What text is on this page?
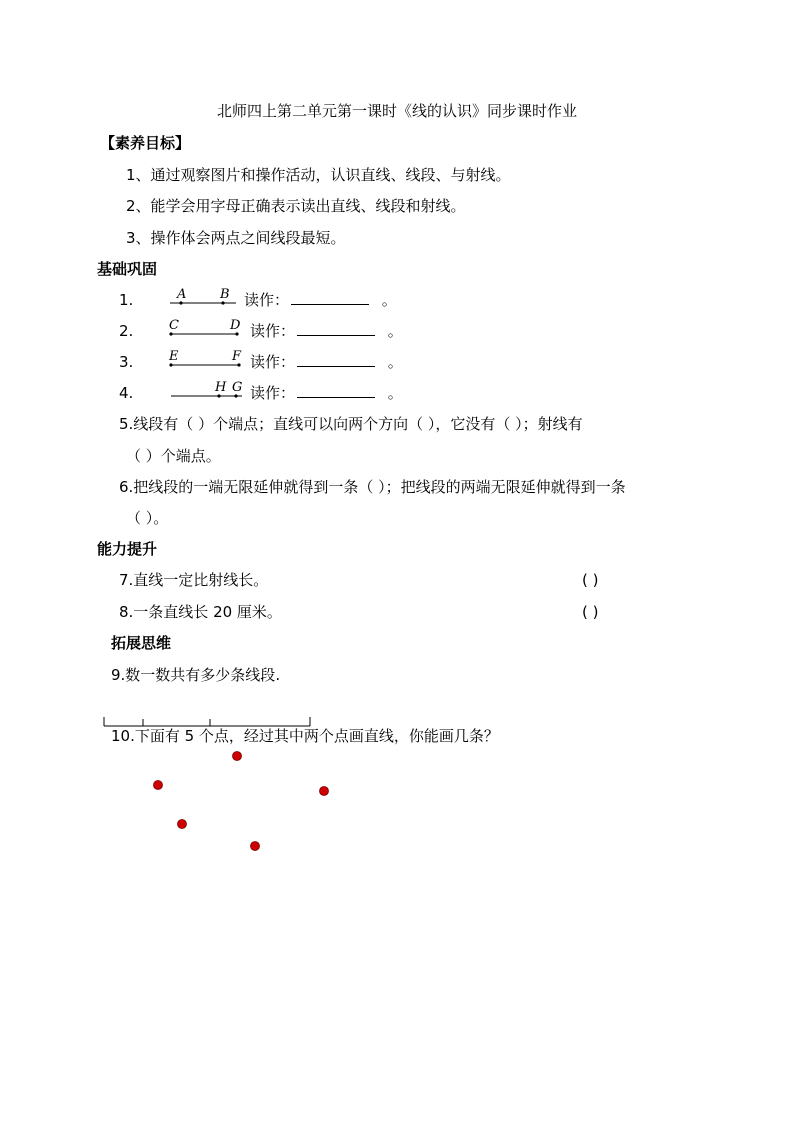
北师四上第二单元第一课时《线的认识》同步课时作业
【素养目标】
1、通过观察图片和操作活动，认识直线、线段、与射线。
2、能学会用字母正确表示读出直线、线段和射线。
3、操作体会两点之间线段最短。
基础巩固
1.	A	B 读作：	。
2.	C	D 读作：	。
3.	E	F 读作：	。
4.	H G 读作：	。
5.线段有（ ）个端点；直线可以向两个方向（ ），它没有（ ）；射线有
（ ）个端点。
6.把线段的一端无限延伸就得到一条（ ）；把线段的两端无限延伸就得到一条
（ ）。
能力提升
7.直线一定比射线长。	( )
8.一条直线长 20 厘米。	( )
拓展思维
9.数一数共有多少条线段.
10.下面有 5 个点，经过其中两个点画直线，你能画几条？
